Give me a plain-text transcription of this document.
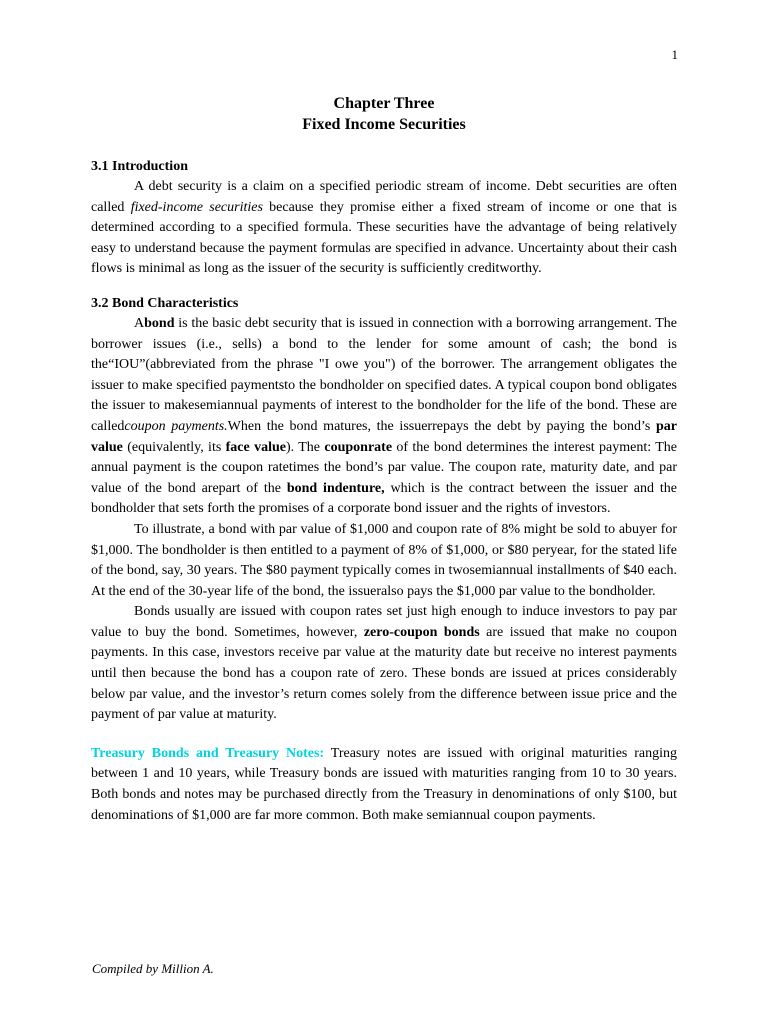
1
Chapter Three
Fixed Income Securities
3.1 Introduction

A debt security is a claim on a specified periodic stream of income. Debt securities are often called fixed-income securities because they promise either a fixed stream of income or one that is determined according to a specified formula. These securities have the advantage of being relatively easy to understand because the payment formulas are specified in advance. Uncertainty about their cash flows is minimal as long as the issuer of the security is sufficiently creditworthy.

3.2 Bond Characteristics

Abond is the basic debt security that is issued in connection with a borrowing arrangement. The borrower issues (i.e., sells) a bond to the lender for some amount of cash; the bond is the“IOU”(abbreviated from the phrase "I owe you") of the borrower. The arrangement obligates the issuer to make specified paymentsto the bondholder on specified dates. A typical coupon bond obligates the issuer to makesemiannual payments of interest to the bondholder for the life of the bond. These are calledcoupon payments.When the bond matures, the issuerrepays the debt by paying the bond’s par value (equivalently, its face value). The couponrate of the bond determines the interest payment: The annual payment is the coupon ratetimes the bond’s par value. The coupon rate, maturity date, and par value of the bond arepart of the bond indenture, which is the contract between the issuer and the bondholder that sets forth the promises of a corporate bond issuer and the rights of investors.

To illustrate, a bond with par value of $1,000 and coupon rate of 8% might be sold to abuyer for $1,000. The bondholder is then entitled to a payment of 8% of $1,000, or $80 peryear, for the stated life of the bond, say, 30 years. The $80 payment typically comes in twosemiannual installments of $40 each. At the end of the 30-year life of the bond, the issueralso pays the $1,000 par value to the bondholder.

Bonds usually are issued with coupon rates set just high enough to induce investors to pay par value to buy the bond. Sometimes, however, zero-coupon bonds are issued that make no coupon payments. In this case, investors receive par value at the maturity date but receive no interest payments until then because the bond has a coupon rate of zero. These bonds are issued at prices considerably below par value, and the investor’s return comes solely from the difference between issue price and the payment of par value at maturity.

Treasury Bonds and Treasury Notes: Treasury notes are issued with original maturities ranging between 1 and 10 years, while Treasury bonds are issued with maturities ranging from 10 to 30 years. Both bonds and notes may be purchased directly from the Treasury in denominations of only $100, but denominations of $1,000 are far more common. Both make semiannual coupon payments.

Compiled by Million A.
